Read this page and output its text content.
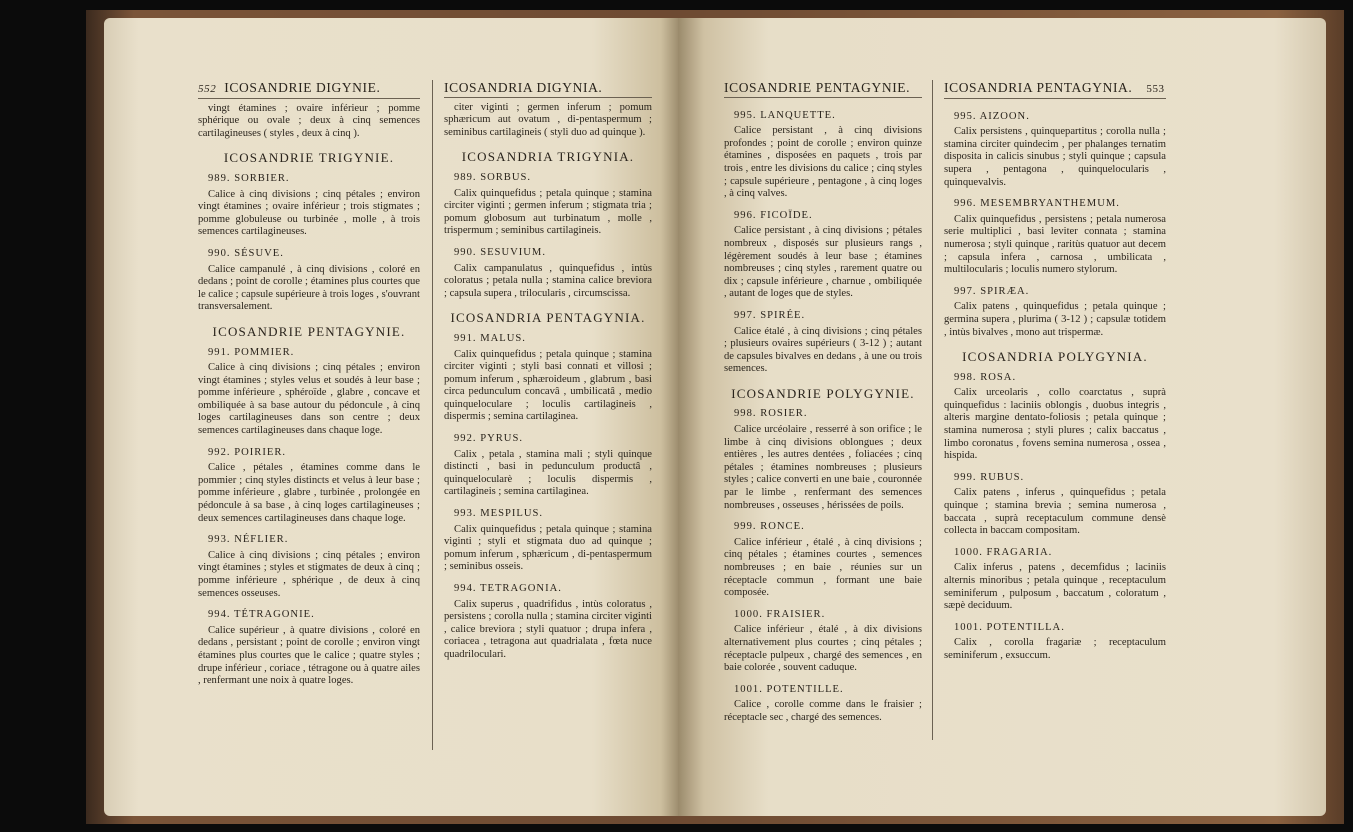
552 ICOSANDRIE DIGYNIE.
vingt étamines ; ovaire inférieur ; pomme sphérique ou ovale ; deux à cinq semences cartilagineuses ( styles , deux à cinq ).
ICOSANDRIE TRIGYNIE.
989. SORBIER.
Calice à cinq divisions ; cinq pétales ; environ vingt étamines ; ovaire inférieur ; trois stigmates ; pomme globuleuse ou turbinée , molle , à trois semences cartilagineuses.
990. SÉSUVE.
Calice campanulé , à cinq divisions , coloré en dedans ; point de corolle ; étamines plus courtes que le calice ; capsule supérieure à trois loges , s'ouvrant transversalement.
ICOSANDRIE PENTAGYNIE.
991. POMMIER.
Calice à cinq divisions ; cinq pétales ; environ vingt étamines ; styles velus et soudés à leur base ; pomme inférieure , sphéroïde , glabre , concave et ombiliquée à sa base autour du pédoncule , à cinq loges cartilagineuses dans son centre ; deux semences cartilagineuses dans chaque loge.
992. POIRIER.
Calice , pétales , étamines comme dans le pommier ; cinq styles distincts et velus à leur base ; pomme inférieure , glabre , turbinée , prolongée en pédoncule à sa base , à cinq loges cartilagineuses ; deux semences cartilagineuses dans chaque loge.
993. NÉFLIER.
Calice à cinq divisions ; cinq pétales ; environ vingt étamines ; styles et stigmates de deux à cinq ; pomme inférieure , sphérique , de deux à cinq semences osseuses.
994. TÉTRAGONIE.
Calice supérieur , à quatre divisions , coloré en dedans , persistant ; point de corolle ; environ vingt étamines plus courtes que le calice ; quatre styles ; drupe inférieur , coriace , tétragone ou à quatre ailes , renfermant une noix à quatre loges.
ICOSANDRIA DIGYNIA.
citer viginti ; germen inferum ; pomum sphæricum aut ovatum , di-pentaspermum ; seminibus cartilagineis ( styli duo ad quinque ).
ICOSANDRIA TRIGYNIA.
989. SORBUS.
Calix quinquefidus ; petala quinque ; stamina circiter viginti ; germen inferum ; stigmata tria ; pomum globosum aut turbinatum , molle , trispermum ; seminibus cartilagineis.
990. SESUVIUM.
Calix campanulatus , quinquefidus , intùs coloratus ; petala nulla ; stamina calice breviora ; capsula supera , trilocularis , circumscissa.
ICOSANDRIA PENTAGYNIA.
991. MALUS.
Calix quinquefidus ; petala quinque ; stamina circiter viginti ; styli basi connati et villosi ; pomum inferum , sphæroideum , glabrum , basi circa pedunculum concavâ , umbilicatâ , medio quinqueloculare ; loculis cartilagineis , dispermis ; semina cartilaginea.
992. PYRUS.
Calix , petala , stamina mali ; styli quinque distincti , basi in pedunculum productâ , quinquelocularè ; loculis dispermis , cartilagineis ; semina cartilaginea.
993. MESPILUS.
Calix quinquefidus ; petala quinque ; stamina viginti ; styli et stigmata duo ad quinque ; pomum inferum , sphæricum , di-pentaspermum ; seminibus osseis.
994. TETRAGONIA.
Calix superus , quadrifidus , intùs coloratus , persistens ; corolla nulla ; stamina circiter viginti , calice breviora ; styli quatuor ; drupa infera , coriacea , tetragona aut quadrialata , fœta nuce quadriloculari.
ICOSANDRIE PENTAGYNIE.
995. LANQUETTE.
Calice persistant , à cinq divisions profondes ; point de corolle ; environ quinze étamines , disposées en paquets , trois par trois , entre les divisions du calice ; cinq styles ; capsule supérieure , pentagone , à cinq loges , à cinq valves.
996. FICOÏDE.
Calice persistant , à cinq divisions ; pétales nombreux , disposés sur plusieurs rangs , légèrement soudés à leur base ; étamines nombreuses ; cinq styles , rarement quatre ou dix ; capsule inférieure , charnue , ombiliquée , autant de loges que de styles.
997. SPIRÉE.
Calice étalé , à cinq divisions ; cinq pétales ; plusieurs ovaires supérieurs ( 3-12 ) ; autant de capsules bivalves en dedans , à une ou trois semences.
ICOSANDRIE POLYGYNIE.
998. ROSIER.
Calice urcéolaire , resserré à son orifice ; le limbe à cinq divisions oblongues ; deux entières , les autres dentées , foliacées ; cinq pétales ; étamines nombreuses ; plusieurs styles ; calice converti en une baie , couronnée par le limbe , renfermant des semences nombreuses , osseuses , hérissées de poils.
999. RONCE.
Calice inférieur , étalé , à cinq divisions ; cinq pétales ; étamines courtes , semences nombreuses ; en baie , réunies sur un réceptacle commun , formant une baie composée.
1000. FRAISIER.
Calice inférieur , étalé , à dix divisions alternativement plus courtes ; cinq pétales ; réceptacle pulpeux , chargé des semences , en baie colorée , souvent caduque.
1001. POTENTILLE.
Calice , corolle comme dans le fraisier ; réceptacle sec , chargé des semences.
ICOSANDRIA PENTAGYNIA. 553
995. AIZOON.
Calix persistens , quinquepartitus ; corolla nulla ; stamina circiter quindecim , per phalanges ternatim disposita in calicis sinubus ; styli quinque ; capsula supera , pentagona , quinquelocularis , quinquevalvis.
996. MESEMBRYANTHEMUM.
Calix quinquefidus , persistens ; petala numerosa serie multiplici , basi leviter connata ; stamina numerosa ; styli quinque , raritùs quatuor aut decem ; capsula infera , carnosa , umbilicata , multilocularis ; loculis numero stylorum.
997. SPIRÆA.
Calix patens , quinquefidus ; petala quinque ; germina supera , plurima ( 3-12 ) ; capsulæ totidem , intùs bivalves , mono aut trispermæ.
ICOSANDRIA POLYGYNIA.
998. ROSA.
Calix urceolaris , collo coarctatus , suprà quinquefidus : laciniis oblongis , duobus integris , alteris margine dentato-foliosis ; petala quinque ; stamina numerosa ; styli plures ; calix baccatus , limbo coronatus , fovens semina numerosa , ossea , hispida.
999. RUBUS.
Calix patens , inferus , quinquefidus ; petala quinque ; stamina brevia ; semina numerosa , baccata , suprà receptaculum commune densè collecta in baccam compositam.
1000. FRAGARIA.
Calix inferus , patens , decemfidus ; laciniis alternis minoribus ; petala quinque , receptaculum seminiferum , pulposum , baccatum , coloratum , sæpè deciduum.
1001. POTENTILLA.
Calix , corolla fragariæ ; receptaculum seminiferum , exsuccum.
